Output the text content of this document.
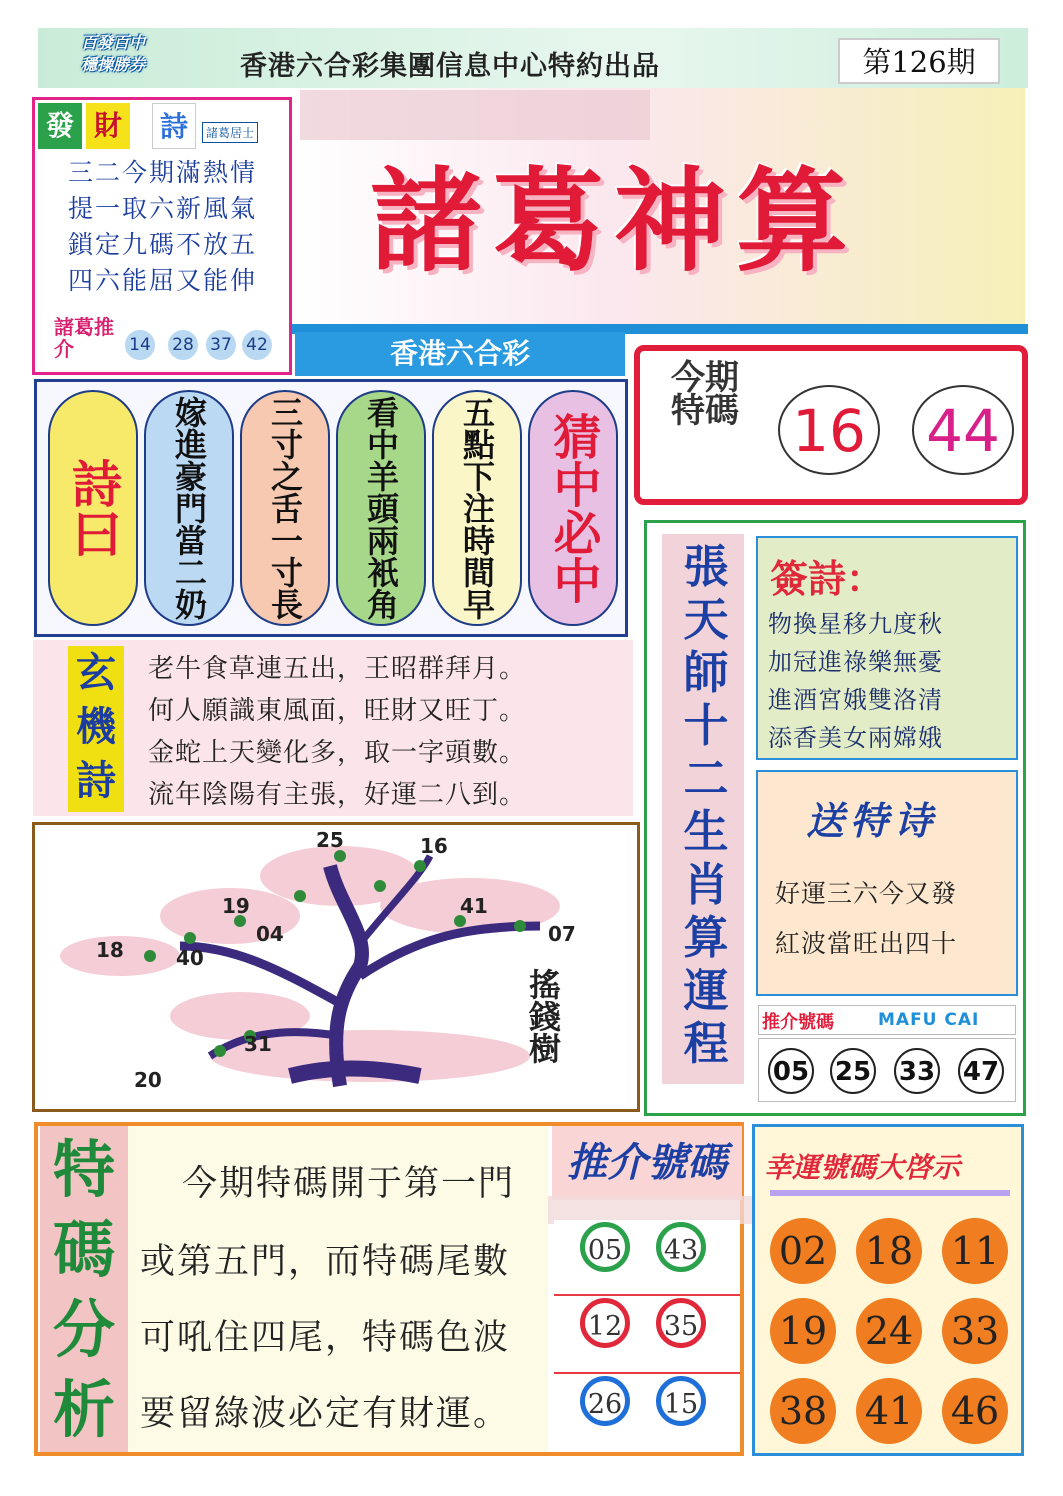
百發百中
穩操勝券	香港六合彩集團信息中心特約出品	第126期
諸葛神算
香港六合彩
發 財 詩	諸葛居士
三二今期滿熱情
提一取六新風氣
鎖定九碼不放五
四六能屈又能伸
諸葛推介	14 28 37 42
詩曰	嫁進豪門當二奶	三寸之舌一寸長	看中羊頭兩衹角	五點下注時間早	猜中必中
今期特碼 16 44
玄機詩
老牛食草連五出，王昭群拜月。
何人願識東風面，旺財又旺丁。
金蛇上天變化多，取一字頭數。
流年陰陽有主張，好運二八到。
25	16
19
04
41
07
18	40
31
20
搖錢樹
張天師十二生肖算運程
簽詩：
物換星移九度秋
加冠進祿樂無憂
進酒宮娥雙洛清
添香美女兩嫦娥
送特诗
好運三六今又發
紅波當旺出四十
推介號碼	MAFU CAI
05 25 33 47
特碼分析
今期特碼開于第一門
或第五門，而特碼尾數
可吼住四尾，特碼色波
要留綠波必定有財運。
推介號碼
05 43
12 35
26 15
幸運號碼大啓示
02 18 11
19 24 33
38 41 46
